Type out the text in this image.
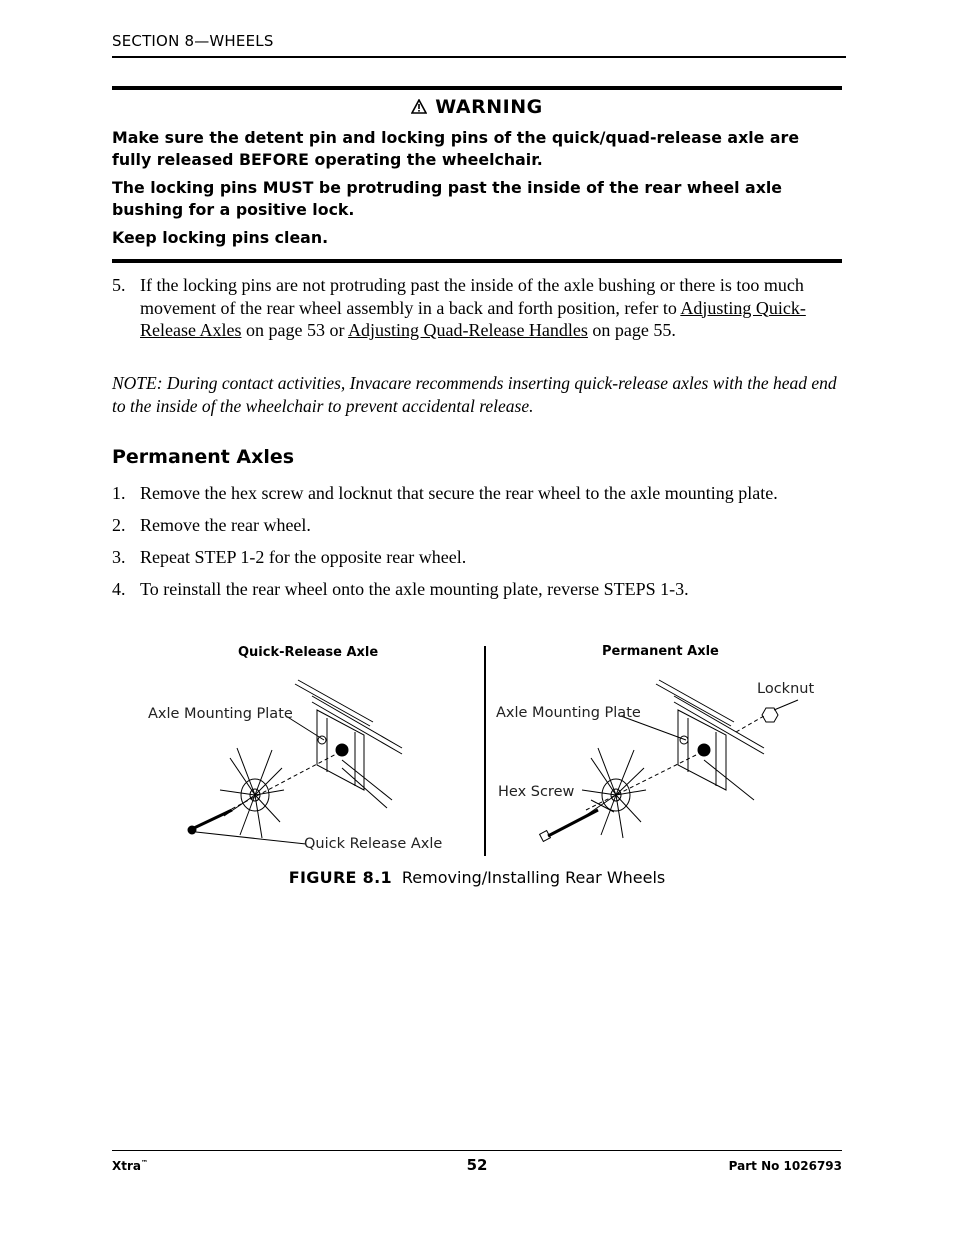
SECTION 8—WHEELS
WARNING

Make sure the detent pin and locking pins of the quick/quad-release axle are fully released BEFORE operating the wheelchair.

The locking pins MUST be protruding past the inside of the rear wheel axle bushing for a positive lock.

Keep locking pins clean.

5. If the locking pins are not protruding past the inside of the axle bushing or there is too much movement of the rear wheel assembly in a back and forth position, refer to Adjusting Quick-Release Axles on page 53 or Adjusting Quad-Release Handles on page 55.
NOTE: During contact activities, Invacare recommends inserting quick-release axles with the head end to the inside of the wheelchair to prevent accidental release.
Permanent Axles
1. Remove the hex screw and locknut that secure the rear wheel to the axle mounting plate.
2. Remove the rear wheel.
3. Repeat STEP 1-2 for the opposite rear wheel.
4. To reinstall the rear wheel onto the axle mounting plate, reverse STEPS 1-3.
Quick-Release Axle	Permanent Axle
Axle Mounting Plate
Quick Release Axle
Axle Mounting Plate
Locknut
Hex Screw
FIGURE 8.1 Removing/Installing Rear Wheels
Xtra™	52	Part No 1026793
